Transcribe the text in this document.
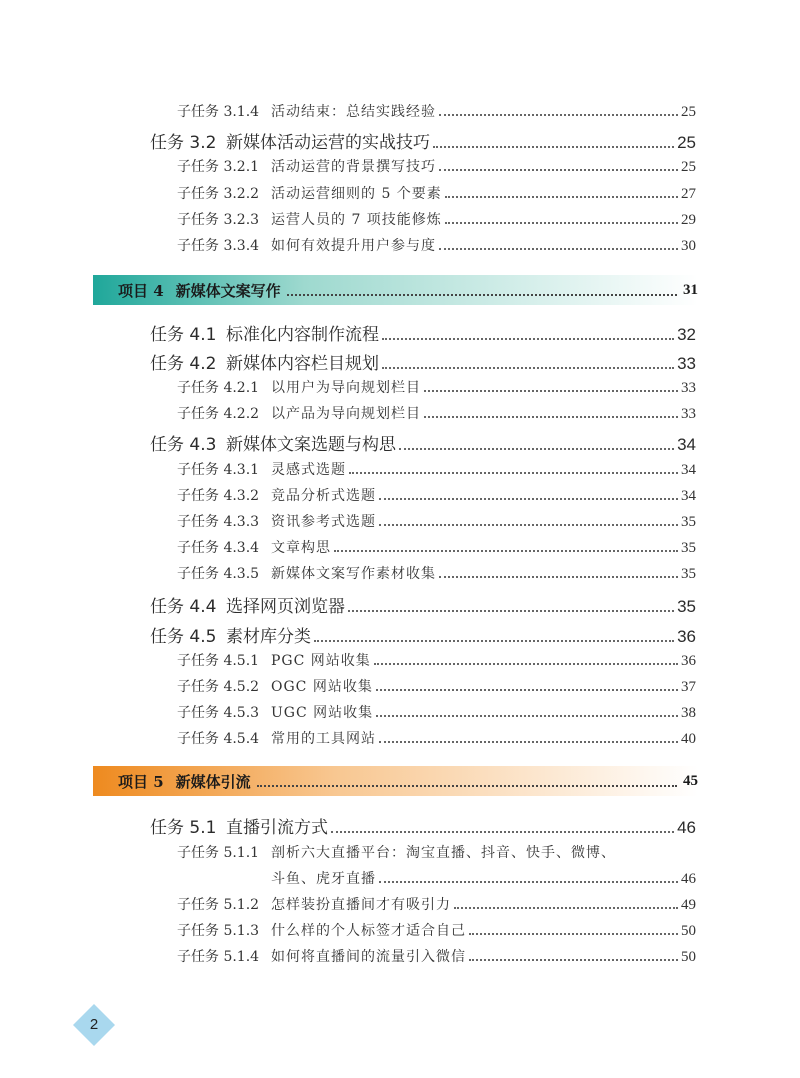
子任务 3.1.4 活动结束：总结实践经验	25
任务 3.2 新媒体活动运营的实战技巧	25
子任务 3.2.1 活动运营的背景撰写技巧	25
子任务 3.2.2 活动运营细则的 5 个要素	27
子任务 3.2.3 运营人员的 7 项技能修炼	29
子任务 3.3.4 如何有效提升用户参与度	30
项目 4 新媒体文案写作	31
任务 4.1 标准化内容制作流程	32
任务 4.2 新媒体内容栏目规划	33
子任务 4.2.1 以用户为导向规划栏目	33
子任务 4.2.2 以产品为导向规划栏目	33
任务 4.3 新媒体文案选题与构思	34
子任务 4.3.1 灵感式选题	34
子任务 4.3.2 竞品分析式选题	34
子任务 4.3.3 资讯参考式选题	35
子任务 4.3.4 文章构思	35
子任务 4.3.5 新媒体文案写作素材收集	35
任务 4.4 选择网页浏览器	35
任务 4.5 素材库分类	36
子任务 4.5.1 PGC 网站收集	36
子任务 4.5.2 OGC 网站收集	37
子任务 4.5.3 UGC 网站收集	38
子任务 4.5.4 常用的工具网站	40
项目 5 新媒体引流	45
任务 5.1 直播引流方式	46
子任务 5.1.1 剖析六大直播平台：淘宝直播、抖音、快手、微博、
斗鱼、虎牙直播	46
子任务 5.1.2 怎样装扮直播间才有吸引力	49
子任务 5.1.3 什么样的个人标签才适合自己	50
子任务 5.1.4 如何将直播间的流量引入微信	50
2
